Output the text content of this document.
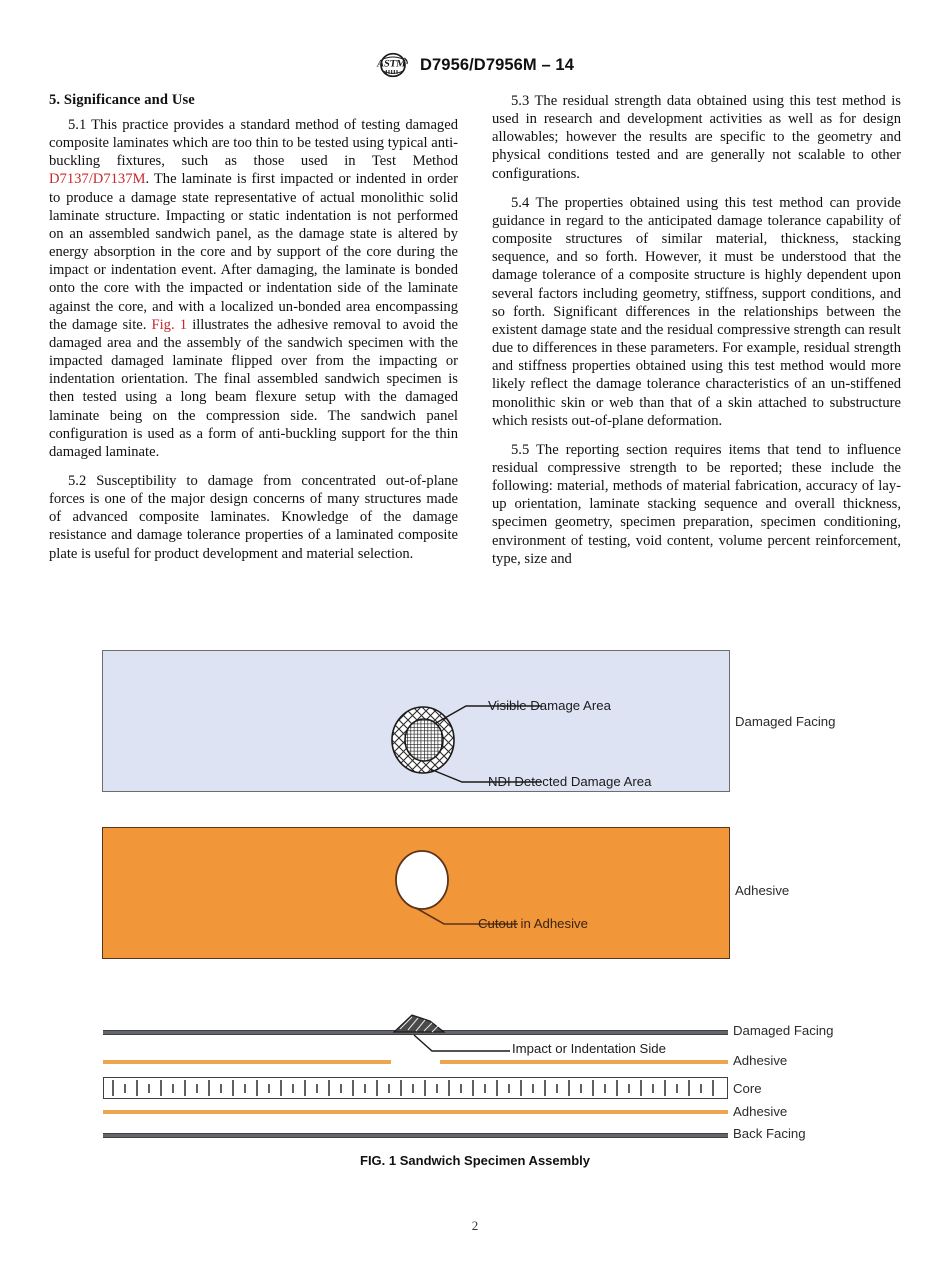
ASTM D7956/D7956M – 14
5. Significance and Use

5.1 This practice provides a standard method of testing damaged composite laminates which are too thin to be tested using typical anti-buckling fixtures, such as those used in Test Method D7137/D7137M. The laminate is first impacted or indented in order to produce a damage state representative of actual monolithic solid laminate structure. Impacting or static indentation is not performed on an assembled sandwich panel, as the damage state is altered by energy absorption in the core and by support of the core during the impact or indentation event. After damaging, the laminate is bonded onto the core with the impacted or indentation side of the laminate against the core, and with a localized un-bonded area encompassing the damage site. Fig. 1 illustrates the adhesive removal to avoid the damaged area and the assembly of the sandwich specimen with the impacted damaged laminate flipped over from the impacting or indentation orientation. The final assembled sandwich specimen is then tested using a long beam flexure setup with the damaged laminate being on the compression side. The sandwich panel configuration is used as a form of anti-buckling support for the thin damaged laminate.

5.2 Susceptibility to damage from concentrated out-of-plane forces is one of the major design concerns of many structures made of advanced composite laminates. Knowledge of the damage resistance and damage tolerance properties of a laminated composite plate is useful for product development and material selection.

5.3 The residual strength data obtained using this test method is used in research and development activities as well as for design allowables; however the results are specific to the geometry and physical conditions tested and are generally not scalable to other configurations.

5.4 The properties obtained using this test method can provide guidance in regard to the anticipated damage tolerance capability of composite structures of similar material, thickness, stacking sequence, and so forth. However, it must be understood that the damage tolerance of a composite structure is highly dependent upon several factors including geometry, stiffness, support conditions, and so forth. Significant differences in the relationships between the existent damage state and the residual compressive strength can result due to differences in these parameters. For example, residual strength and stiffness properties obtained using this test method would more likely reflect the damage tolerance characteristics of an un-stiffened monolithic skin or web than that of a skin attached to substructure which resists out-of-plane deformation.

5.5 The reporting section requires items that tend to influence residual compressive strength to be reported; these include the following: material, methods of material fabrication, accuracy of lay-up orientation, laminate stacking sequence and overall thickness, specimen geometry, specimen preparation, specimen conditioning, environment of testing, void content, volume percent reinforcement, type, size and

Visible Damage Area
NDI Detected Damage Area
Damaged Facing
Cutout in Adhesive
Adhesive
Impact or Indentation Side
Damaged Facing
Adhesive
Core
Adhesive
Back Facing
FIG. 1 Sandwich Specimen Assembly
2
